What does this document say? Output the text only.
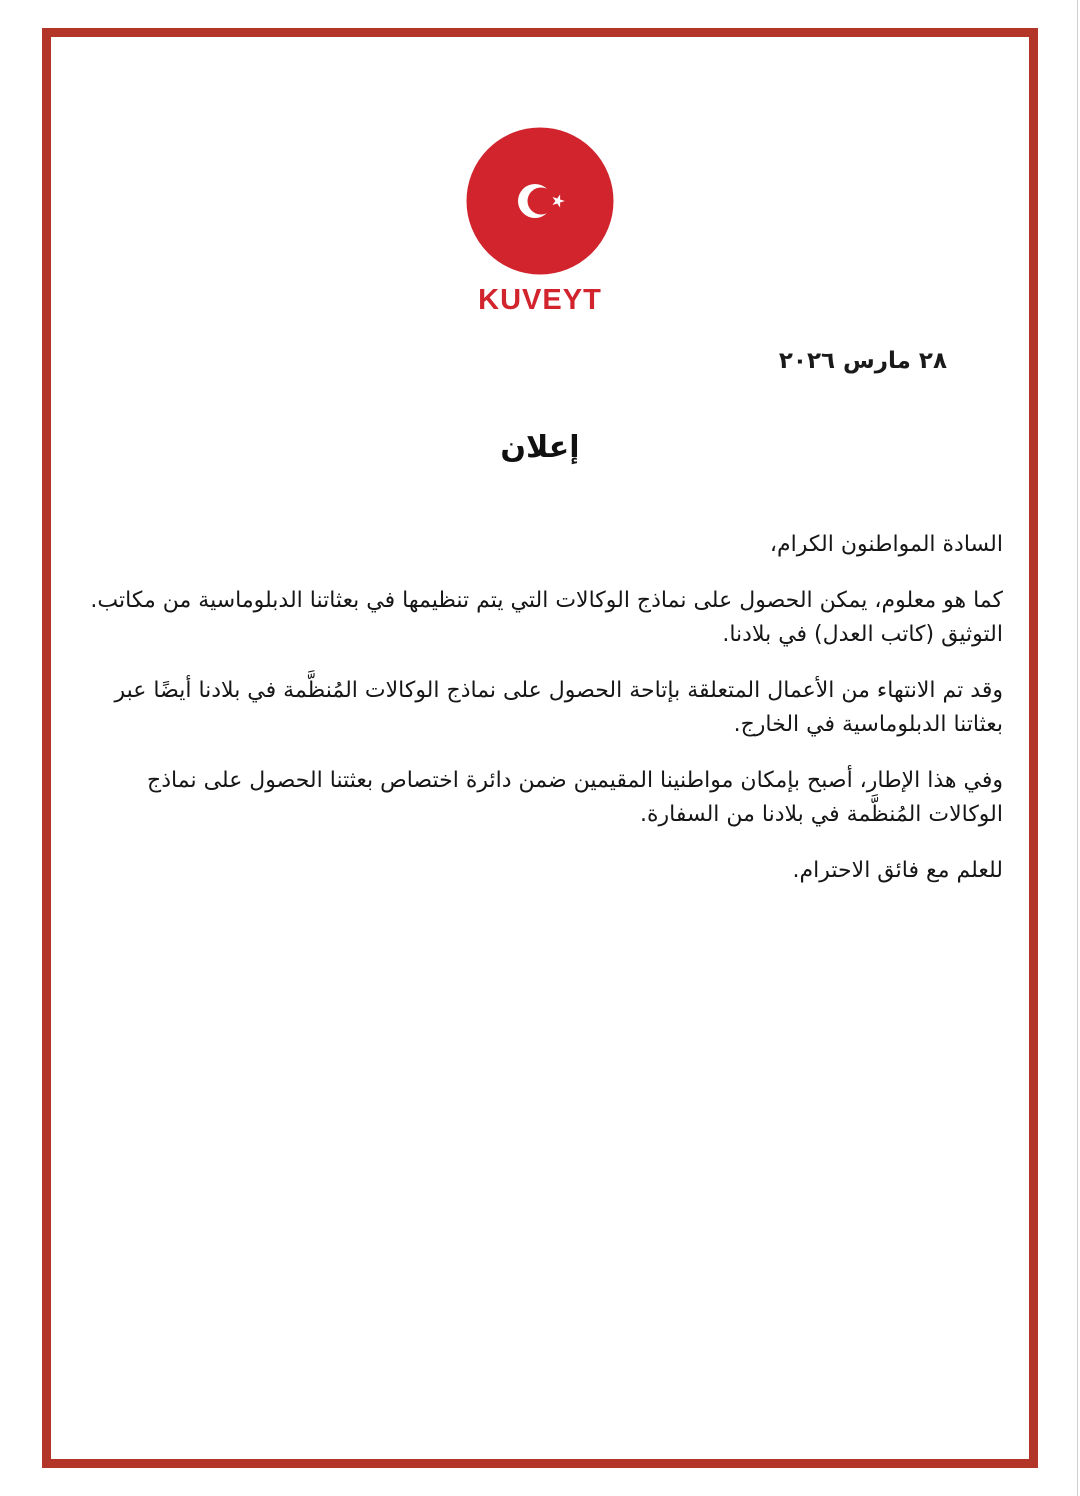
TÜRKİYE CUMHURİYETİ
BÜYÜKELÇİLİĞİ
KUVEYT
٢٨ مارس ٢٠٢٦
إعلان
السادة المواطنون الكرام،
كما هو معلوم، يمكن الحصول على نماذج الوكالات التي يتم تنظيمها في بعثاتنا الدبلوماسية من مكاتب.
التوثيق (كاتب العدل) في بلادنا.
وقد تم الانتهاء من الأعمال المتعلقة بإتاحة الحصول على نماذج الوكالات المُنظَّمة في بلادنا أيضًا عبر
بعثاتنا الدبلوماسية في الخارج.
وفي هذا الإطار، أصبح بإمكان مواطنينا المقيمين ضمن دائرة اختصاص بعثتنا الحصول على نماذج
الوكالات المُنظَّمة في بلادنا من السفارة.
للعلم مع فائق الاحترام.
